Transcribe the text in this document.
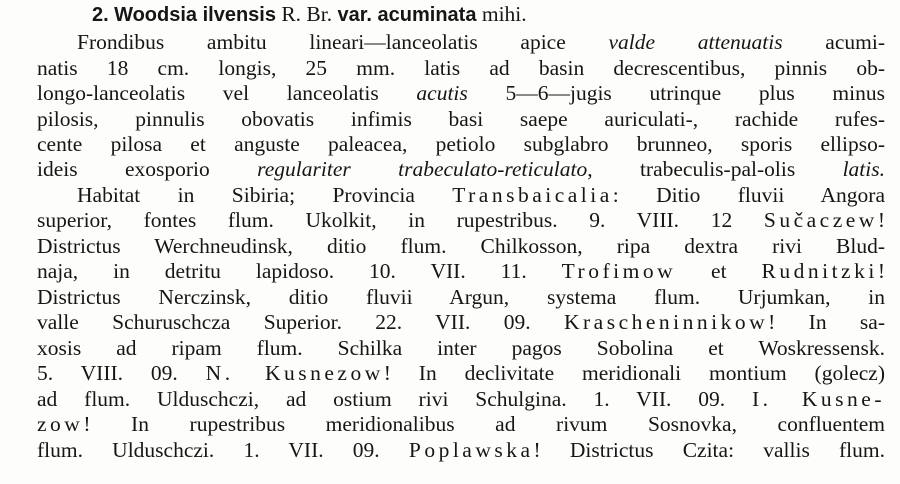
2. Woodsia ilvensis R. Br. var. acuminata mihi.
Frondibus ambitu lineari—lanceolatis apice valde attenuatis acumi-
natis 18 cm. longis, 25 mm. latis ad basin decrescentibus, pinnis ob-
longo-lanceolatis vel lanceolatis acutis 5—6—jugis utrinque plus minus
pilosis, pinnulis obovatis infimis basi saepe auriculati-, rachide rufes-
cente pilosa et anguste paleacea, petiolo subglabro brunneo, sporis ellipso-
ideis exosporio regulariter trabeculato-reticulato, trabeculis-pal-olis latis.
Habitat in Sibiria; Provincia Transbaicalia: Ditio fluvii Angora
superior, fontes flum. Ukolkit, in rupestribus. 9. VIII. 12 Sučaczew!
Districtus Werchneudinsk, ditio flum. Chilkosson, ripa dextra rivi Blud-
naja, in detritu lapidoso. 10. VII. 11. Trofimow et Rudnitzki!
Districtus Nerczinsk, ditio fluvii Argun, systema flum. Urjumkan, in
valle Schuruschcza Superior. 22. VII. 09. Krascheninnikow! In sa-
xosis ad ripam flum. Schilka inter pagos Sobolina et Woskressensk.
5. VIII. 09. N. Kusnezow! In declivitate meridionali montium (golecz)
ad flum. Ulduschczi, ad ostium rivi Schulgina. 1. VII. 09. I. Kusne-
zow! In rupestribus meridionalibus ad rivum Sosnovka, confluentem
flum. Ulduschczi. 1. VII. 09. Poplawska! Districtus Czita: vallis flum.
